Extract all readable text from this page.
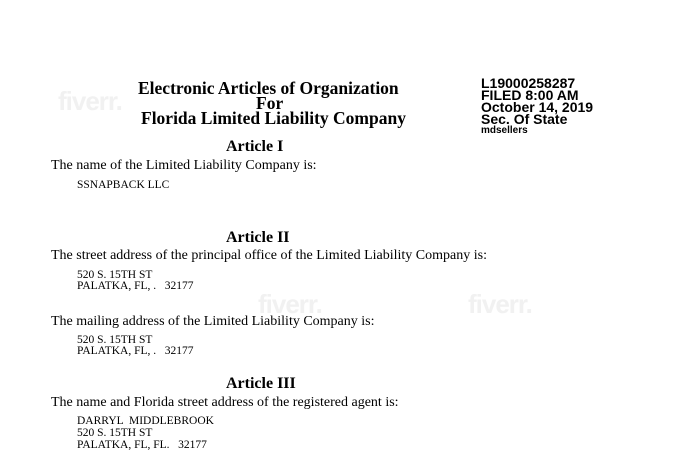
fiverr.
fiverr.	fiverr.
Electronic Articles of Organization
For
Florida Limited Liability Company
L19000258287
FILED 8:00 AM
October 14, 2019
Sec. Of State
mdsellers
Article I
The name of the Limited Liability Company is:
SSNAPBACK LLC
Article II
The street address of the principal office of the Limited Liability Company is:
520 S. 15TH ST
PALATKA, FL, .   32177
The mailing address of the Limited Liability Company is:
520 S. 15TH ST
PALATKA, FL, .   32177
Article III
The name and Florida street address of the registered agent is:
DARRYL  MIDDLEBROOK
520 S. 15TH ST
PALATKA, FL, FL.   32177
